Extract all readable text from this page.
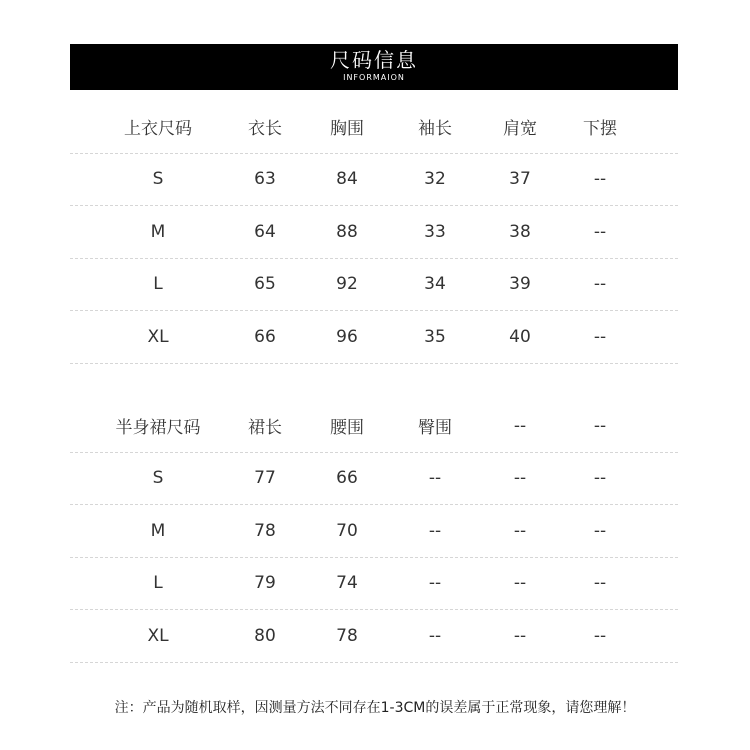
尺码信息
INFORMAION
上衣尺码	衣长	胸围	袖长	肩宽	下摆
S	63	84	32	37	--
M	64	88	33	38	--
L	65	92	34	39	--
XL	66	96	35	40	--
半身裙尺码	裙长	腰围	臀围	--	--
S	77	66	--	--	--
M	78	70	--	--	--
L	79	74	--	--	--
XL	80	78	--	--	--
注：产品为随机取样，因测量方法不同存在1-3CM的误差属于正常现象，请您理解！
